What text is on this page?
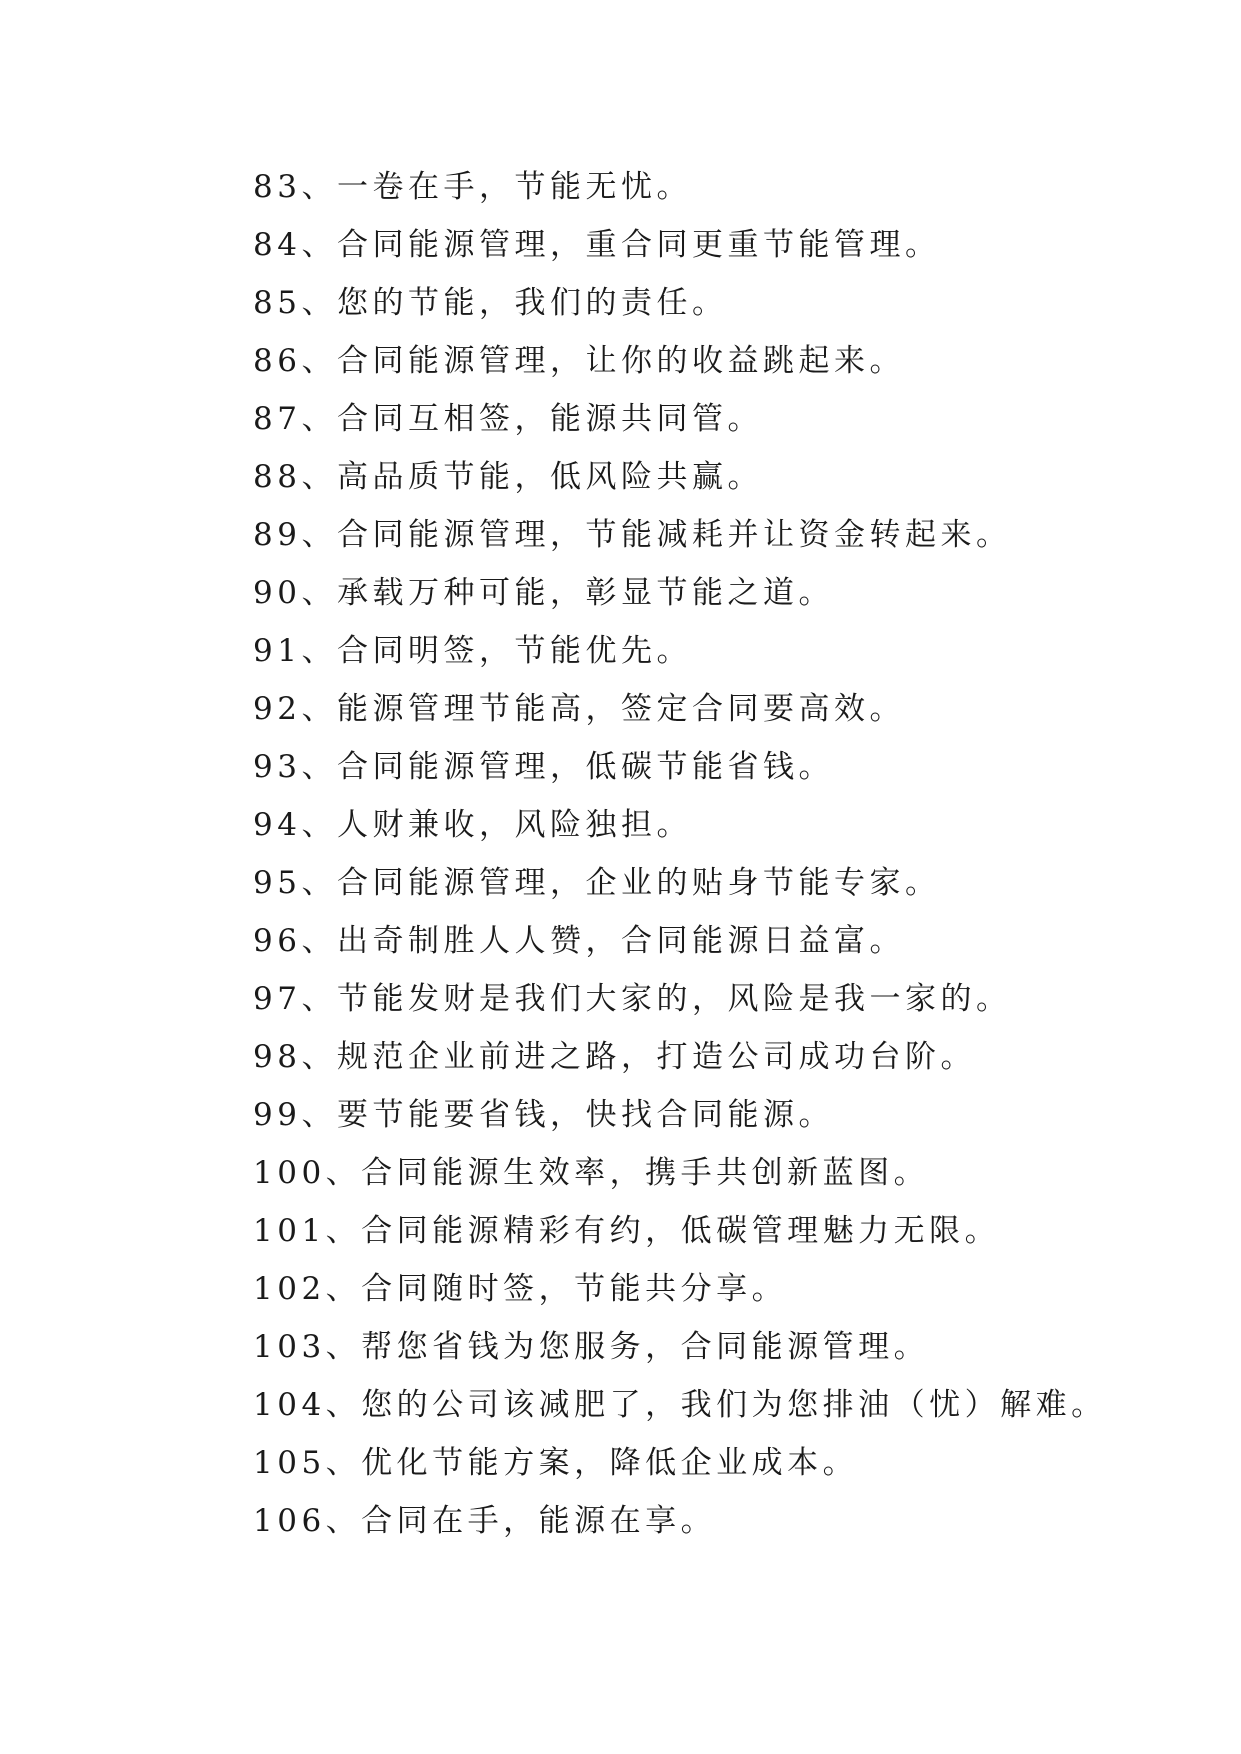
83、一卷在手，节能无忧。
84、合同能源管理，重合同更重节能管理。
85、您的节能，我们的责任。
86、合同能源管理，让你的收益跳起来。
87、合同互相签，能源共同管。
88、高品质节能，低风险共赢。
89、合同能源管理，节能减耗并让资金转起来。
90、承载万种可能，彰显节能之道。
91、合同明签，节能优先。
92、能源管理节能高，签定合同要高效。
93、合同能源管理，低碳节能省钱。
94、人财兼收，风险独担。
95、合同能源管理，企业的贴身节能专家。
96、出奇制胜人人赞，合同能源日益富。
97、节能发财是我们大家的，风险是我一家的。
98、规范企业前进之路，打造公司成功台阶。
99、要节能要省钱，快找合同能源。
100、合同能源生效率，携手共创新蓝图。
101、合同能源精彩有约，低碳管理魅力无限。
102、合同随时签，节能共分享。
103、帮您省钱为您服务，合同能源管理。
104、您的公司该减肥了，我们为您排油（忧）解难。
105、优化节能方案，降低企业成本。
106、合同在手，能源在享。
